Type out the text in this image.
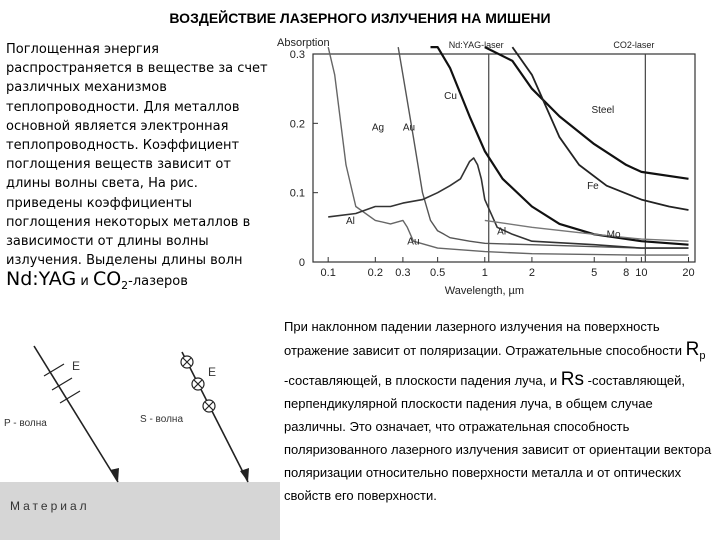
ВОЗДЕЙСТВИЕ ЛАЗЕРНОГО ИЗЛУЧЕНИЯ НА МИШЕНИ
Поглощенная энергия распространяется в веществе за счет различных механизмов теплопроводности. Для металлов основной является электронная теплопроводность. Коэффициент поглощения веществ зависит от длины волны света, На рис. приведены коэффициенты поглощения некоторых металлов в зависимости от длины волны излучения. Выделены длины волн Nd:YAG и $CO_2$-лазеров
Nd:YAG-laser	CO2-laser
0
0.1
0.2
0.3
0.1	0.2 0.3 0.5	1	2	5 8 10	20
Absorption
Wavelength, µm
Cu
Steel
Fe
Ag Au
Al
Mo
Al
Au
При наклонном падении лазерного излучения на поверхность отражение зависит от поляризации. Отражательные способности $R_p$ -составляющей, в плоскости падения луча, и Rs -составляющей, перпендикулярной плоскости падения луча, в общем случае различны. Это означает, что отражательная способность поляризованного лазерного излучения зависит от ориентации вектора поляризации относительно поверхности металла и от оптических свойств его поверхности.
Материал
E
P - волна
E
S - волна
